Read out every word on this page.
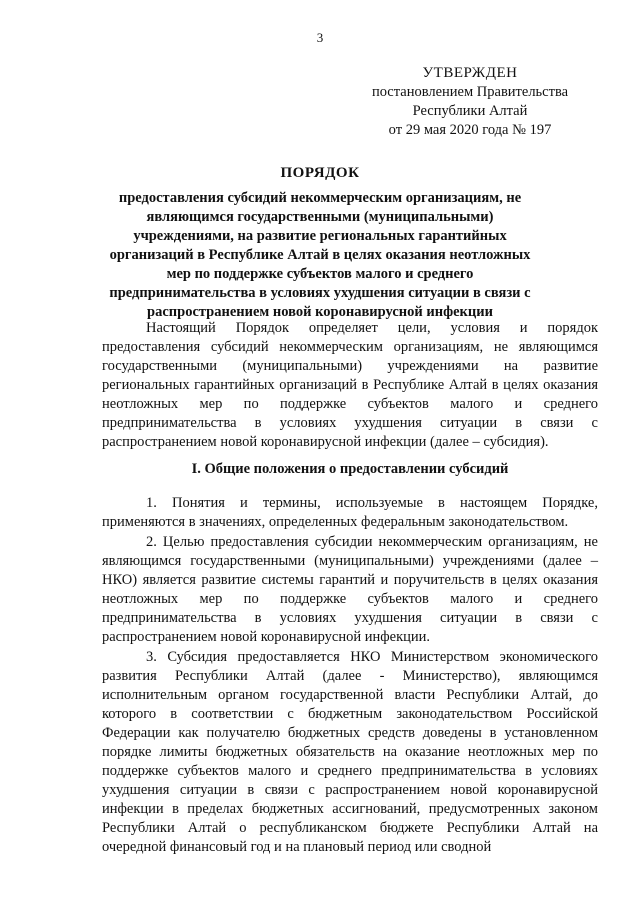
3
УТВЕРЖДЕН
постановлением Правительства
Республики Алтай
от 29 мая 2020 года № 197
ПОРЯДОК
предоставления субсидий некоммерческим организациям, не являющимся государственными (муниципальными) учреждениями, на развитие региональных гарантийных организаций в Республике Алтай в целях оказания неотложных мер по поддержке субъектов малого и среднего предпринимательства в условиях ухудшения ситуации в связи с распространением новой коронавирусной инфекции

Настоящий Порядок определяет цели, условия и порядок предоставления субсидий некоммерческим организациям, не являющимся государственными (муниципальными) учреждениями на развитие региональных гарантийных организаций в Республике Алтай в целях оказания неотложных мер по поддержке субъектов малого и среднего предпринимательства в условиях ухудшения ситуации в связи с распространением новой коронавирусной инфекции (далее – субсидия).

I. Общие положения о предоставлении субсидий

1. Понятия и термины, используемые в настоящем Порядке, применяются в значениях, определенных федеральным законодательством.

2. Целью предоставления субсидии некоммерческим организациям, не являющимся государственными (муниципальными) учреждениями (далее – НКО) является развитие системы гарантий и поручительств в целях оказания неотложных мер по поддержке субъектов малого и среднего предпринимательства в условиях ухудшения ситуации в связи с распространением новой коронавирусной инфекции.

3. Субсидия предоставляется НКО Министерством экономического развития Республики Алтай (далее - Министерство), являющимся исполнительным органом государственной власти Республики Алтай, до которого в соответствии с бюджетным законодательством Российской Федерации как получателю бюджетных средств доведены в установленном порядке лимиты бюджетных обязательств на оказание неотложных мер по поддержке субъектов малого и среднего предпринимательства в условиях ухудшения ситуации в связи с распространением новой коронавирусной инфекции в пределах бюджетных ассигнований, предусмотренных законом Республики Алтай о республиканском бюджете Республики Алтай на очередной финансовый год и на плановый период или сводной
